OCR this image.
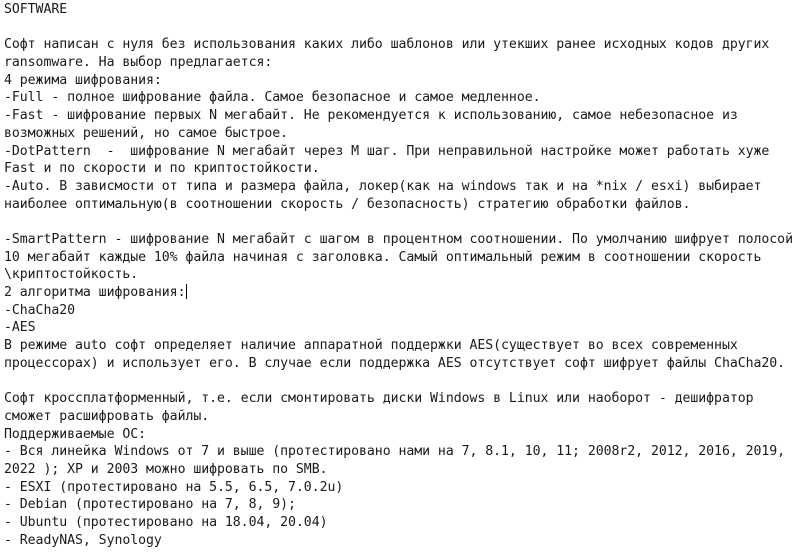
SOFTWARE
Софт написан с нуля без использования каких либо шаблонов или утекших ранее исходных кодов других
ransomware. На выбор предлагается:
4 режима шифрования:
-Full - полное шифрование файла. Самое безопасное и самое медленное.
-Fast - шифрование первых N мегабайт. Не рекомендуется к использованию, самое небезопасное из
возможных решений, но самое быстрое.
-DotPattern  -  шифрование N мегабайт через M шаг. При неправильной настройке может работать хуже
Fast и по скорости и по криптостойкости.
-Auto. В зависмости от типа и размера файла, локер(как на windows так и на *nix / esxi) выбирает
наиболее оптимальную(в соотношении скорость / безопасность) стратегию обработки файлов.
-SmartPattern - шифрование N мегабайт с шагом в процентном соотношении. По умолчанию шифрует полосой
10 мегабайт каждые 10% файла начиная с заголовка. Самый оптимальный режим в соотношении скорость
\криптостойкость.
2 алгоритма шифрования:
-ChaCha20
-AES
В режиме auto софт определяет наличие аппаратной поддержки AES(существует во всех современных
процессорах) и использует его. В случае если поддержка AES отсутствует софт шифрует файлы ChaCha20.
Софт кроссплатформенный, т.е. если смонтировать диски Windows в Linux или наоборот - дешифратор
сможет расшифровать файлы.
Поддерживаемые ОС:
- Вся линейка Windows от 7 и выше (протестировано нами на 7, 8.1, 10, 11; 2008r2, 2012, 2016, 2019,
2022 ); XP и 2003 можно шифровать по SMB.
- ESXI (протестировано на 5.5, 6.5, 7.0.2u)
- Debian (протестировано на 7, 8, 9);
- Ubuntu (протестировано на 18.04, 20.04)
- ReadyNAS, Synology
